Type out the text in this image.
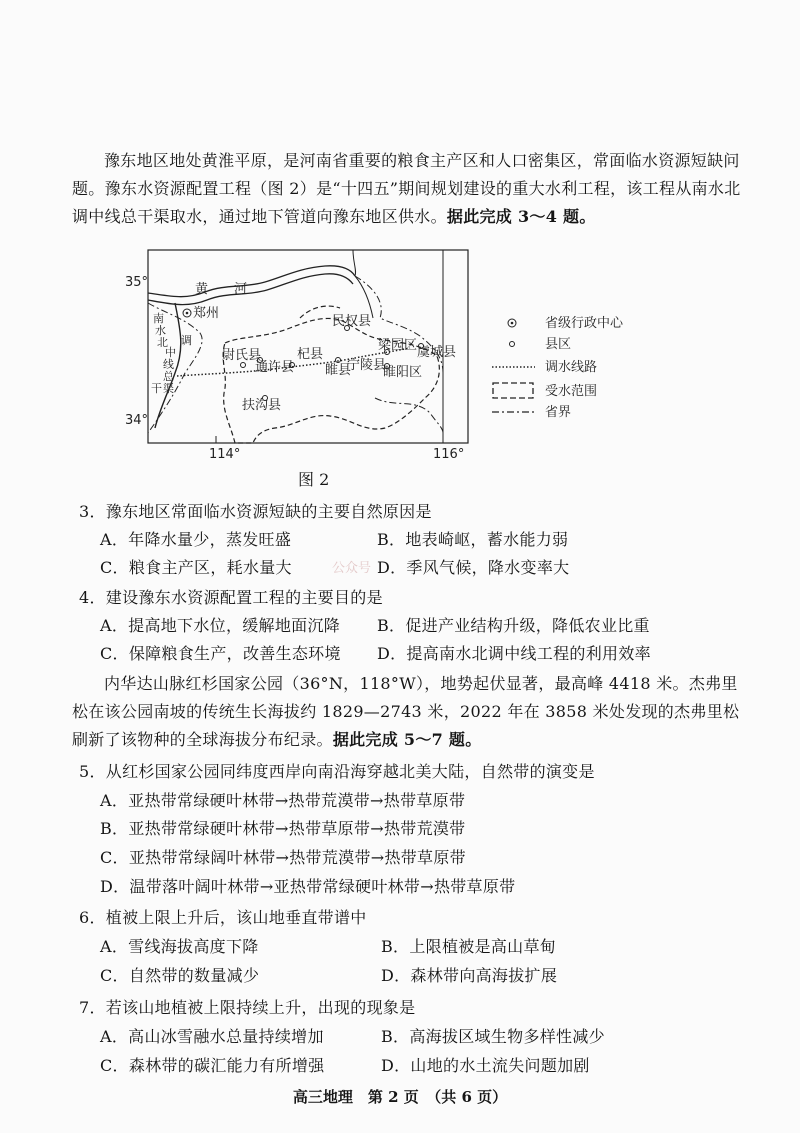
豫东地区地处黄淮平原，是河南省重要的粮食主产区和人口密集区，常面临水资源短缺问题。豫东水资源配置工程（图 2）是“十四五”期间规划建设的重大水利工程，该工程从南水北调中线总干渠取水，通过地下管道向豫东地区供水。据此完成 3～4 题。
35°
34°
114°	116°
黄　　河
郑州
南
水
北 调
中
线
总
干 渠
民权县
梁园区 虞城县
尉氏县
通许县
杞县
睢县
宁陵县
睢阳区
扶沟县
省级行政中心
县区
调水线路
受水范围
省界
图 2
3．豫东地区常面临水资源短缺的主要自然原因是
A．年降水量少，蒸发旺盛	B．地表崎岖，蓄水能力弱
C．粮食主产区，耗水量大	D．季风气候，降水变率大
公众号
4．建设豫东水资源配置工程的主要目的是
A．提高地下水位，缓解地面沉降 B．促进产业结构升级，降低农业比重
C．保障粮食生产，改善生态环境 D．提高南水北调中线工程的利用效率
内华达山脉红杉国家公园（36°N，118°W），地势起伏显著，最高峰 4418 米。杰弗里松在该公园南坡的传统生长海拔约 1829—2743 米，2022 年在 3858 米处发现的杰弗里松刷新了该物种的全球海拔分布纪录。据此完成 5～7 题。
5．从红杉国家公园同纬度西岸向南沿海穿越北美大陆，自然带的演变是
A．亚热带常绿硬叶林带→热带荒漠带→热带草原带
B．亚热带常绿硬叶林带→热带草原带→热带荒漠带
C．亚热带常绿阔叶林带→热带荒漠带→热带草原带
D．温带落叶阔叶林带→亚热带常绿硬叶林带→热带草原带
6．植被上限上升后，该山地垂直带谱中
A．雪线海拔高度下降	B．上限植被是高山草甸
C．自然带的数量减少	D．森林带向高海拔扩展
7．若该山地植被上限持续上升，出现的现象是
A．高山冰雪融水总量持续增加	B．高海拔区域生物多样性减少
C．森林带的碳汇能力有所增强	D．山地的水土流失问题加剧
高三地理　第 2 页　（共 6 页）
